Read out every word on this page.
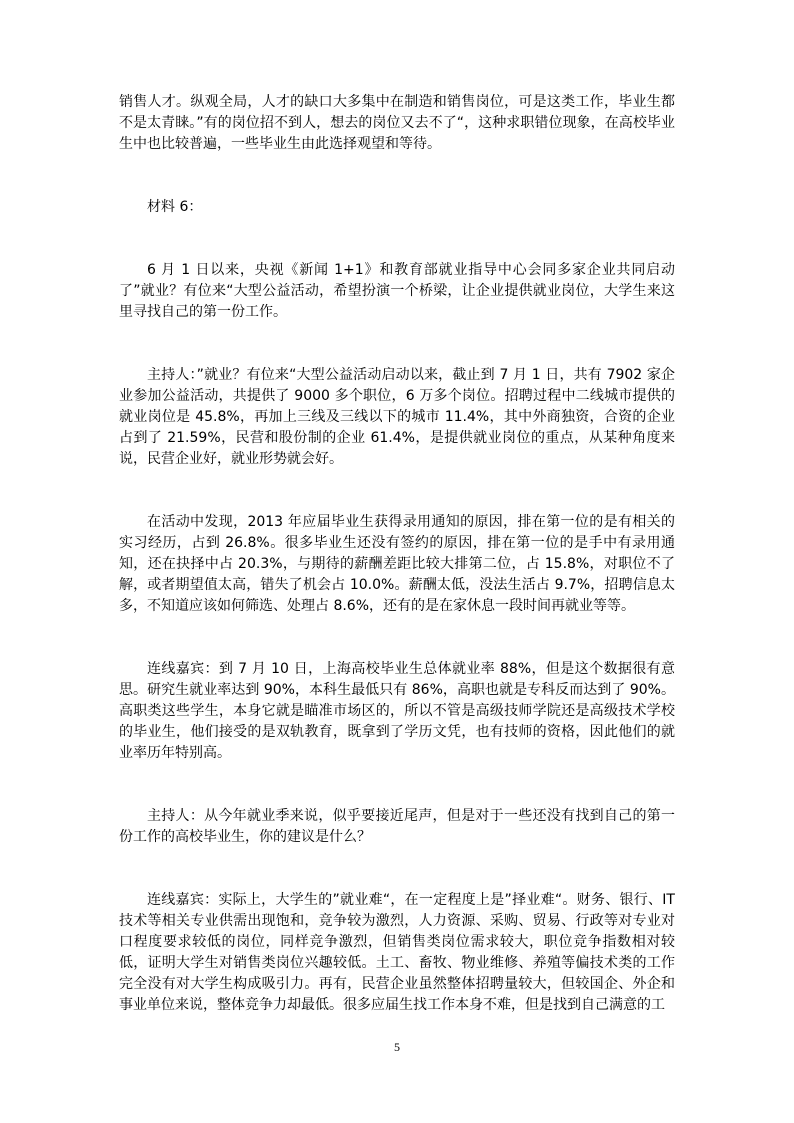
销售人才。纵观全局，人才的缺口大多集中在制造和销售岗位，可是这类工作，毕业生都不是太青睐。”有的岗位招不到人，想去的岗位又去不了“，这种求职错位现象，在高校毕业生中也比较普遍，一些毕业生由此选择观望和等待。

材料 6：

6 月 1 日以来，央视《新闻 1+1》和教育部就业指导中心会同多家企业共同启动了”就业？有位来“大型公益活动，希望扮演一个桥梁，让企业提供就业岗位，大学生来这里寻找自己的第一份工作。

主持人：”就业？有位来“大型公益活动启动以来，截止到 7 月 1 日，共有 7902 家企业参加公益活动，共提供了 9000 多个职位，6 万多个岗位。招聘过程中二线城市提供的就业岗位是 45.8%，再加上三线及三线以下的城市 11.4%，其中外商独资，合资的企业占到了 21.59%，民营和股份制的企业 61.4%，是提供就业岗位的重点，从某种角度来说，民营企业好，就业形势就会好。

在活动中发现，2013 年应届毕业生获得录用通知的原因，排在第一位的是有相关的实习经历，占到 26.8%。很多毕业生还没有签约的原因，排在第一位的是手中有录用通知，还在抉择中占 20.3%，与期待的薪酬差距比较大排第二位，占 15.8%，对职位不了解，或者期望值太高，错失了机会占 10.0%。薪酬太低，没法生活占 9.7%，招聘信息太多，不知道应该如何筛选、处理占 8.6%，还有的是在家休息一段时间再就业等等。

连线嘉宾：到 7 月 10 日，上海高校毕业生总体就业率 88%，但是这个数据很有意思。研究生就业率达到 90%，本科生最低只有 86%，高职也就是专科反而达到了 90%。高职类这些学生，本身它就是瞄准市场区的，所以不管是高级技师学院还是高级技术学校的毕业生，他们接受的是双轨教育，既拿到了学历文凭，也有技师的资格，因此他们的就业率历年特别高。

主持人：从今年就业季来说，似乎要接近尾声，但是对于一些还没有找到自己的第一份工作的高校毕业生，你的建议是什么？

连线嘉宾：实际上，大学生的”就业难“，在一定程度上是”择业难“。财务、银行、IT 技术等相关专业供需出现饱和，竞争较为激烈，人力资源、采购、贸易、行政等对专业对口程度要求较低的岗位，同样竞争激烈，但销售类岗位需求较大，职位竞争指数相对较低，证明大学生对销售类岗位兴趣较低。土工、畜牧、物业维修、养殖等偏技术类的工作完全没有对大学生构成吸引力。再有，民营企业虽然整体招聘量较大，但较国企、外企和事业单位来说，整体竞争力却最低。很多应届生找工作本身不难，但是找到自己满意的工

5
